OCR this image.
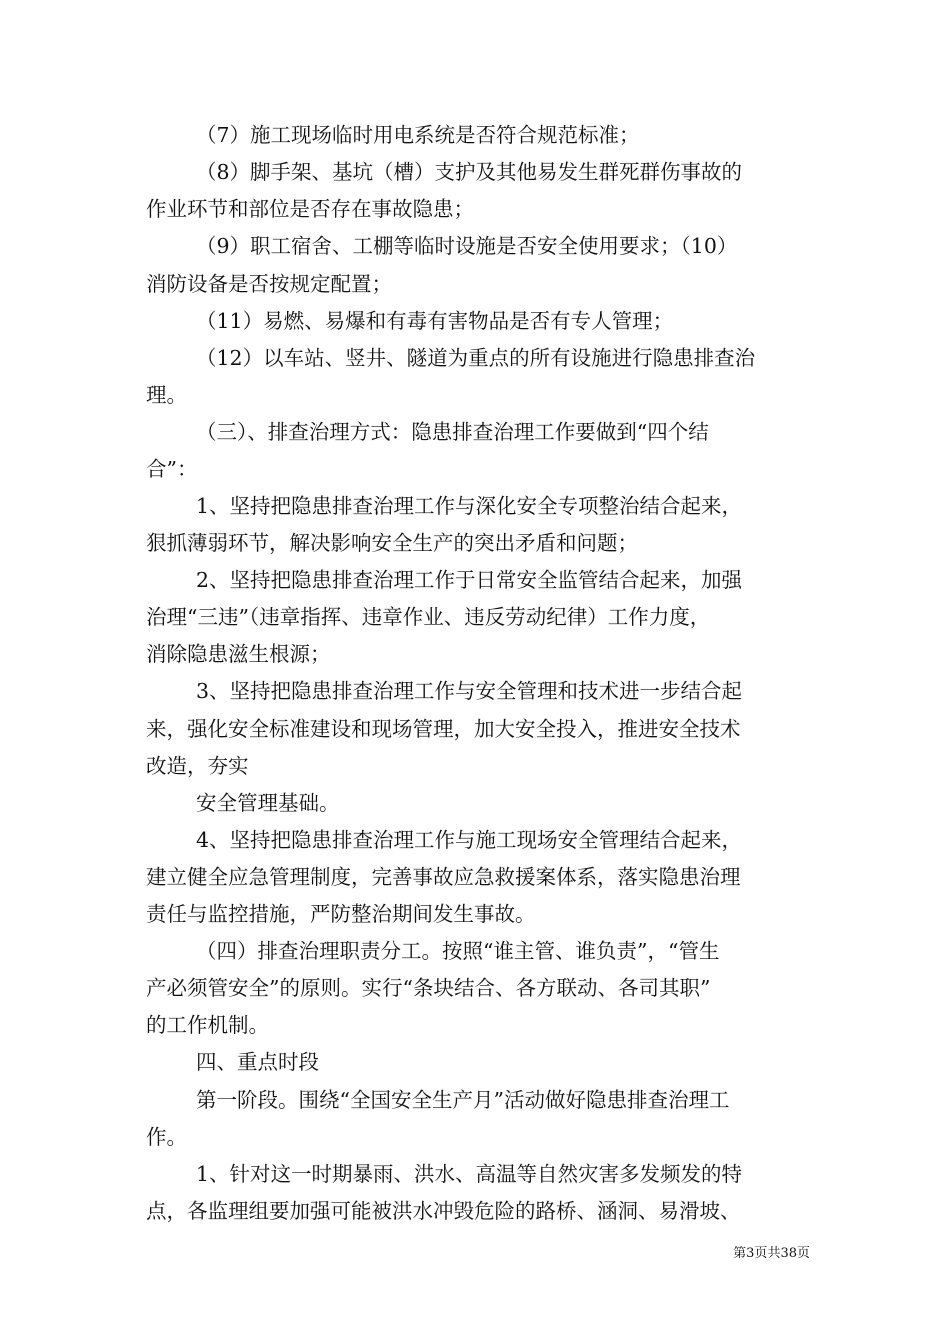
（7）施工现场临时用电系统是否符合规范标准；
（8）脚手架、基坑（槽）支护及其他易发生群死群伤事故的
作业环节和部位是否存在事故隐患；
（9）职工宿舍、工棚等临时设施是否安全使用要求；（10）
消防设备是否按规定配置；
（11）易燃、易爆和有毒有害物品是否有专人管理；
（12）以车站、竖井、隧道为重点的所有设施进行隐患排查治
理。
（三）、排查治理方式：隐患排查治理工作要做到“四个结
合”：
1、坚持把隐患排查治理工作与深化安全专项整治结合起来，
狠抓薄弱环节，解决影响安全生产的突出矛盾和问题；
2、坚持把隐患排查治理工作于日常安全监管结合起来，加强
治理“三违”（违章指挥、违章作业、违反劳动纪律）工作力度，
消除隐患滋生根源；
3、坚持把隐患排查治理工作与安全管理和技术进一步结合起
来，强化安全标准建设和现场管理，加大安全投入，推进安全技术
改造，夯实
安全管理基础。
4、坚持把隐患排查治理工作与施工现场安全管理结合起来，
建立健全应急管理制度，完善事故应急救援案体系，落实隐患治理
责任与监控措施，严防整治期间发生事故。
（四）排查治理职责分工。按照“谁主管、谁负责”，“管生
产必须管安全”的原则。实行“条块结合、各方联动、各司其职”
的工作机制。
四、重点时段
第一阶段。围绕“全国安全生产月”活动做好隐患排查治理工
作。
1、针对这一时期暴雨、洪水、高温等自然灾害多发频发的特
点，各监理组要加强可能被洪水冲毁危险的路桥、涵洞、易滑坡、
第3页共38页
